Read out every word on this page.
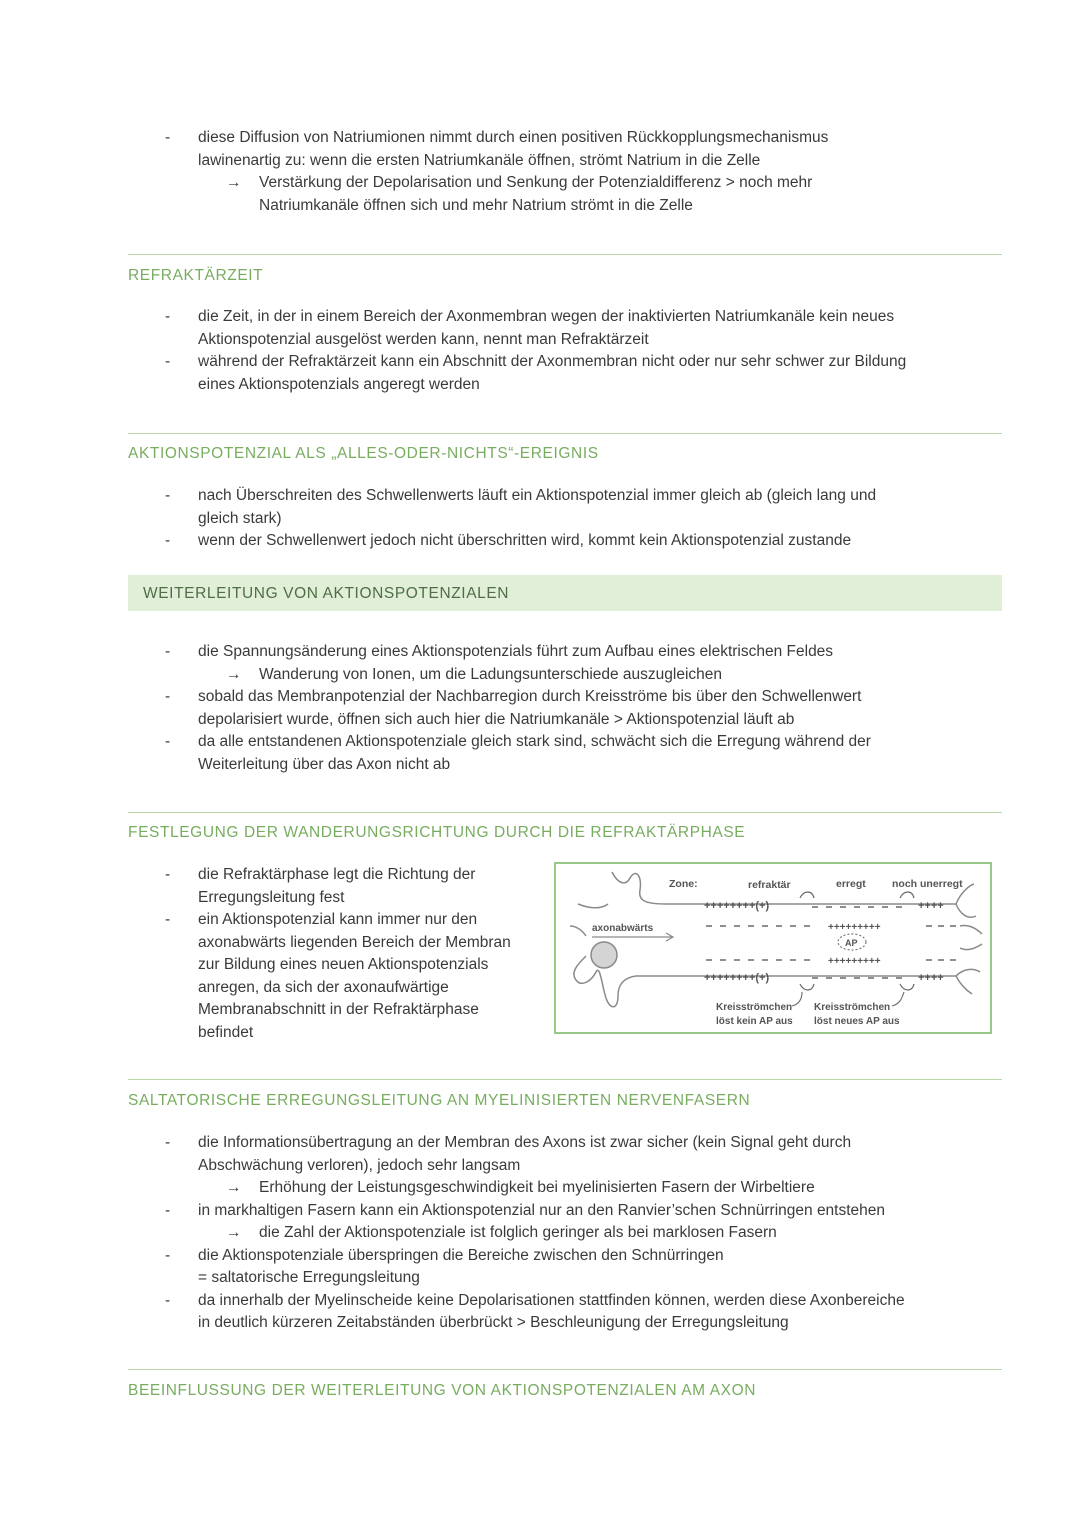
- diese Diffusion von Natriumionen nimmt durch einen positiven Rückkopplungsmechanismus
lawinenartig zu: wenn die ersten Natriumkanäle öffnen, strömt Natrium in die Zelle
→ Verstärkung der Depolarisation und Senkung der Potenzialdifferenz > noch mehr
Natriumkanäle öffnen sich und mehr Natrium strömt in die Zelle
REFRAKTÄRZEIT
- die Zeit, in der in einem Bereich der Axonmembran wegen der inaktivierten Natriumkanäle kein neues
Aktionspotenzial ausgelöst werden kann, nennt man Refraktärzeit
- während der Refraktärzeit kann ein Abschnitt der Axonmembran nicht oder nur sehr schwer zur Bildung
eines Aktionspotenzials angeregt werden
AKTIONSPOTENZIAL ALS „ALLES-ODER-NICHTS“-EREIGNIS
- nach Überschreiten des Schwellenwerts läuft ein Aktionspotenzial immer gleich ab (gleich lang und
gleich stark)
- wenn der Schwellenwert jedoch nicht überschritten wird, kommt kein Aktionspotenzial zustande
WEITERLEITUNG VON AKTIONSPOTENZIALEN
- die Spannungsänderung eines Aktionspotenzials führt zum Aufbau eines elektrischen Feldes
→ Wanderung von Ionen, um die Ladungsunterschiede auszugleichen
- sobald das Membranpotenzial der Nachbarregion durch Kreisströme bis über den Schwellenwert
depolarisiert wurde, öffnen sich auch hier die Natriumkanäle > Aktionspotenzial läuft ab
- da alle entstandenen Aktionspotenziale gleich stark sind, schwächt sich die Erregung während der
Weiterleitung über das Axon nicht ab
FESTLEGUNG DER WANDERUNGSRICHTUNG DURCH DIE REFRAKTÄRPHASE
- die Refraktärphase legt die Richtung der
Erregungsleitung fest
- ein Aktionspotenzial kann immer nur den
axonabwärts liegenden Bereich der Membran
zur Bildung eines neuen Aktionspotenzials
anregen, da sich der axonaufwärtige
Membranabschnitt in der Refraktärphase
befindet
Zone:	refraktär	erregt noch unerregt
axonabwärts
++++++++(+)	++++
+++++++++
AP
+++++++++
++++++++(+)	++++
Kreisströmchen
löst kein AP aus
Kreisströmchen
löst neues AP aus
SALTATORISCHE ERREGUNGSLEITUNG AN MYELINISIERTEN NERVENFASERN
- die Informationsübertragung an der Membran des Axons ist zwar sicher (kein Signal geht durch
Abschwächung verloren), jedoch sehr langsam
→ Erhöhung der Leistungsgeschwindigkeit bei myelinisierten Fasern der Wirbeltiere
- in markhaltigen Fasern kann ein Aktionspotenzial nur an den Ranvier’schen Schnürringen entstehen
→ die Zahl der Aktionspotenziale ist folglich geringer als bei marklosen Fasern
- die Aktionspotenziale überspringen die Bereiche zwischen den Schnürringen
= saltatorische Erregungsleitung
- da innerhalb der Myelinscheide keine Depolarisationen stattfinden können, werden diese Axonbereiche
in deutlich kürzeren Zeitabständen überbrückt > Beschleunigung der Erregungsleitung
BEEINFLUSSUNG DER WEITERLEITUNG VON AKTIONSPOTENZIALEN AM AXON
